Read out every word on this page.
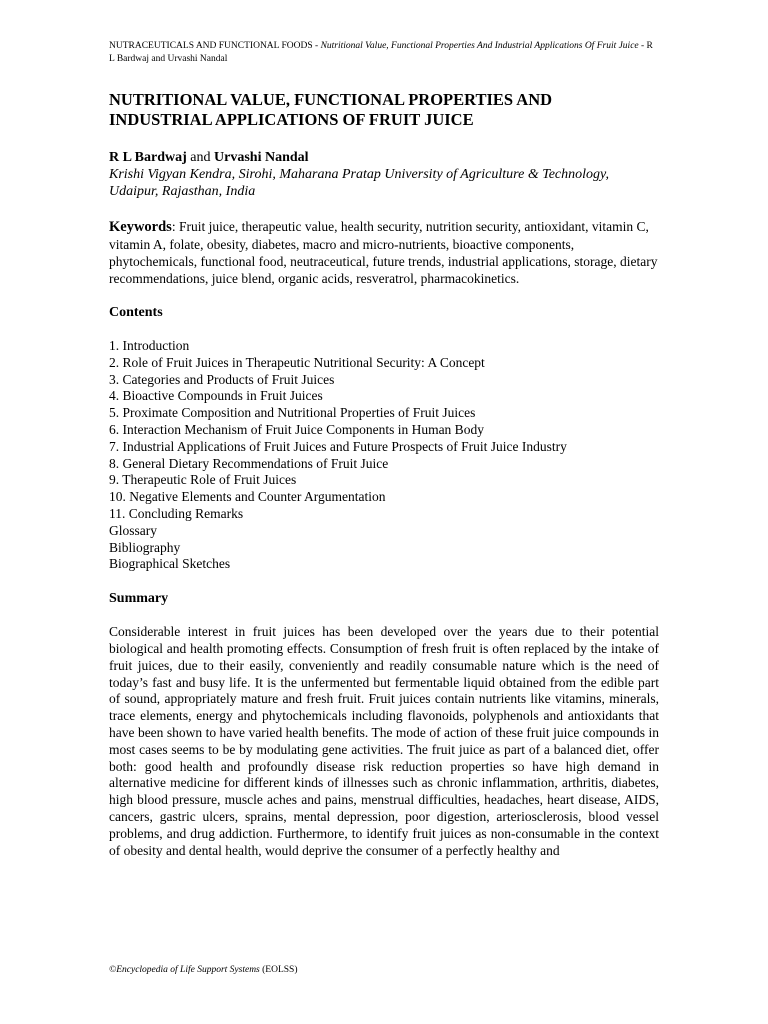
NUTRACEUTICALS AND FUNCTIONAL FOODS - Nutritional Value, Functional Properties And Industrial Applications Of Fruit Juice - R L Bardwaj and Urvashi Nandal
NUTRITIONAL VALUE, FUNCTIONAL PROPERTIES AND
INDUSTRIAL APPLICATIONS OF FRUIT JUICE
R L Bardwaj and Urvashi Nandal
Krishi Vigyan Kendra, Sirohi, Maharana Pratap University of Agriculture & Technology, Udaipur, Rajasthan, India
Keywords: Fruit juice, therapeutic value, health security, nutrition security, antioxidant, vitamin C, vitamin A, folate, obesity, diabetes, macro and micro-nutrients, bioactive components, phytochemicals, functional food, neutraceutical, future trends, industrial applications, storage, dietary recommendations, juice blend, organic acids, resveratrol, pharmacokinetics.
Contents
1. Introduction
2. Role of Fruit Juices in Therapeutic Nutritional Security: A Concept
3. Categories and Products of Fruit Juices
4. Bioactive Compounds in Fruit Juices
5. Proximate Composition and Nutritional Properties of Fruit Juices
6. Interaction Mechanism of Fruit Juice Components in Human Body
7. Industrial Applications of Fruit Juices and Future Prospects of Fruit Juice Industry
8. General Dietary Recommendations of Fruit Juice
9. Therapeutic Role of Fruit Juices
10. Negative Elements and Counter Argumentation
11. Concluding Remarks
Glossary
Bibliography
Biographical Sketches
Summary
Considerable interest in fruit juices has been developed over the years due to their potential biological and health promoting effects. Consumption of fresh fruit is often replaced by the intake of fruit juices, due to their easily, conveniently and readily consumable nature which is the need of today’s fast and busy life. It is the unfermented but fermentable liquid obtained from the edible part of sound, appropriately mature and fresh fruit. Fruit juices contain nutrients like vitamins, minerals, trace elements, energy and phytochemicals including flavonoids, polyphenols and antioxidants that have been shown to have varied health benefits. The mode of action of these fruit juice compounds in most cases seems to be by modulating gene activities. The fruit juice as part of a balanced diet, offer both: good health and profoundly disease risk reduction properties so have high demand in alternative medicine for different kinds of illnesses such as chronic inflammation, arthritis, diabetes, high blood pressure, muscle aches and pains, menstrual difficulties, headaches, heart disease, AIDS, cancers, gastric ulcers, sprains, mental depression, poor digestion, arteriosclerosis, blood vessel problems, and drug addiction. Furthermore, to identify fruit juices as non-consumable in the context of obesity and dental health, would deprive the consumer of a perfectly healthy and
©Encyclopedia of Life Support Systems (EOLSS)
